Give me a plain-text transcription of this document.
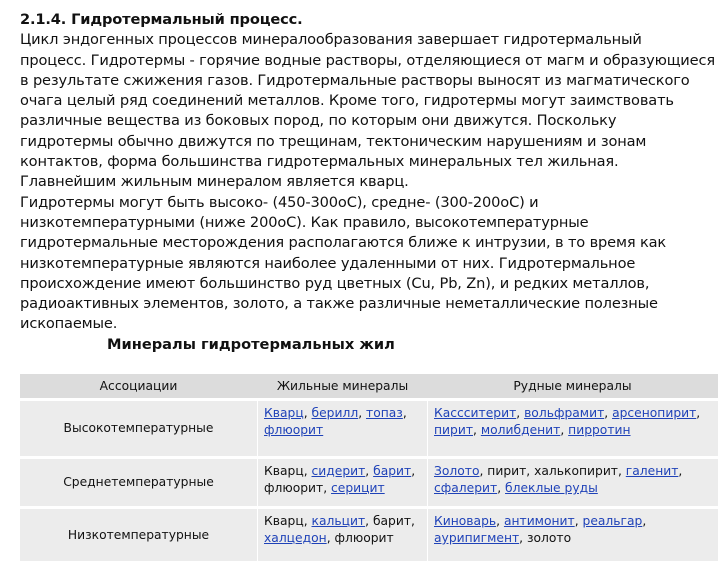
2.1.4. Гидротермальный процесс.
Цикл эндогенных процессов минералообразования завершает гидротермальный
процесс. Гидротермы - горячие водные растворы, отделяющиеся от магм и образующиеся
в результате сжижения газов. Гидротермальные растворы выносят из магматического
очага целый ряд соединений металлов. Кроме того, гидротермы могут заимствовать
различные вещества из боковых пород, по которым они движутся. Поскольку
гидротермы обычно движутся по трещинам, тектоническим нарушениям и зонам
контактов, форма большинства гидротермальных минеральных тел жильная.
Главнейшим жильным минералом является кварц.
Гидротермы могут быть высоко- (450-300оС), средне- (300-200оС) и
низкотемпературными (ниже 200оС). Как правило, высокотемпературные
гидротермальные месторождения располагаются ближе к интрузии, в то время как
низкотемпературные являются наиболее удаленными от них. Гидротермальное
происхождение имеют большинство руд цветных (Cu, Pb, Zn), и редких металлов,
радиоактивных элементов, золото, а также различные неметаллические полезные
ископаемые.
Минералы гидротермальных жил
Ассоциации	Жильные минералы	Рудные минералы
Высокотемпературные	Кварц, берилл, топаз, флюорит	Кассситерит, вольфрамит, арсенопирит, пирит, молибденит, пирротин
Среднетемпературные	Кварц, сидерит, барит, флюорит, серицит	Золото, пирит, халькопирит, галенит, сфалерит, блеклые руды
Низкотемпературные	Кварц, кальцит, барит, халцедон, флюорит	Киноварь, антимонит, реальгар, аурипигмент, золото
